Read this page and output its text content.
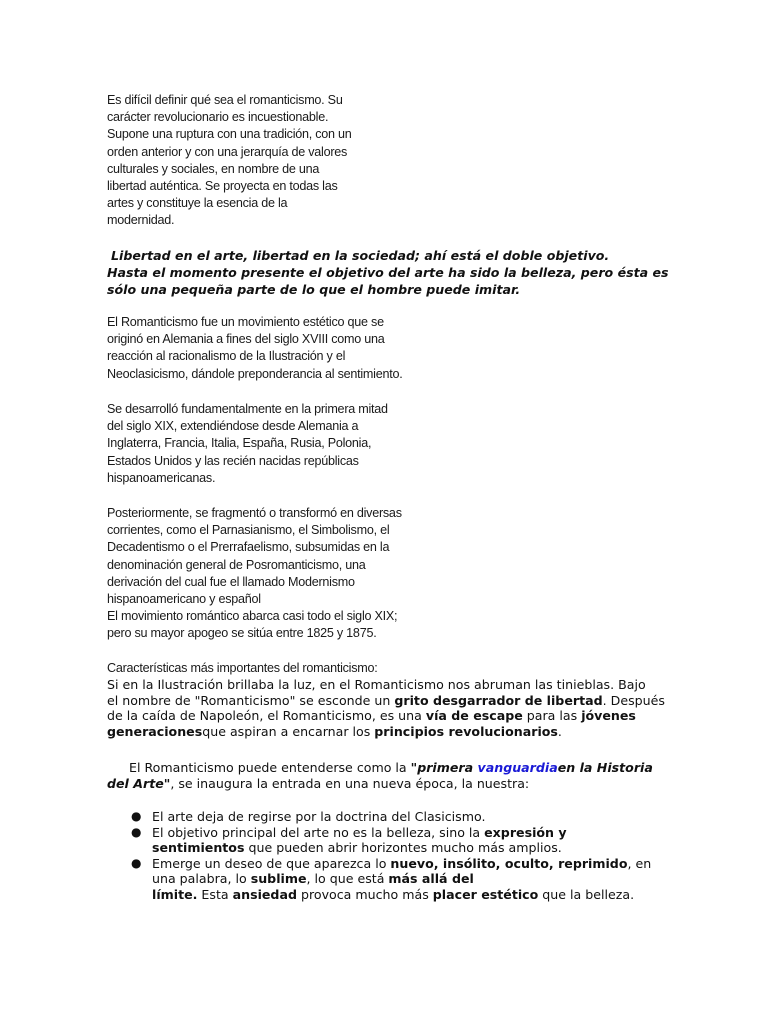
Es difícil definir qué sea el romanticismo. Su

carácter revolucionario es incuestionable.

Supone una ruptura con una tradición, con un

orden anterior y con una jerarquía de valores

culturales y sociales, en nombre de una

libertad auténtica. Se proyecta en todas las

artes y constituye la esencia de la

modernidad.

Libertad en el arte, libertad en la sociedad; ahí está el doble objetivo.

Hasta el momento presente el objetivo del arte ha sido la belleza, pero ésta es

sólo una pequeña parte de lo que el hombre puede imitar.

El Romanticismo fue un movimiento estético que se

originó en Alemania a fines del siglo XVIII como una

reacción al racionalismo de la Ilustración y el

Neoclasicismo, dándole preponderancia al sentimiento.

Se desarrolló fundamentalmente en la primera mitad

del siglo XIX, extendiéndose desde Alemania a

Inglaterra, Francia, Italia, España, Rusia, Polonia,

Estados Unidos y las recién nacidas repúblicas

hispanoamericanas.

Posteriormente, se fragmentó o transformó en diversas

corrientes, como el Parnasianismo, el Simbolismo, el

Decadentismo o el Prerrafaelismo, subsumidas en la

denominación general de Posromanticismo, una

derivación del cual fue el llamado Modernismo

hispanoamericano y español

El movimiento romántico abarca casi todo el siglo XIX;

pero su mayor apogeo se sitúa entre 1825 y 1875.

Características más importantes del romanticismo:

Si en la Ilustración brillaba la luz, en el Romanticismo nos abruman las tinieblas. Bajo

el nombre de "Romanticismo" se esconde un grito desgarrador de libertad. Después

de la caída de Napoleón, el Romanticismo, es una vía de escape para las jóvenes

generacionesque aspiran a encarnar los principios revolucionarios.

El Romanticismo puede entenderse como la "primera vanguardiaen la Historia

del Arte", se inaugura la entrada en una nueva época, la nuestra:

● El arte deja de regirse por la doctrina del Clasicismo.
● El objetivo principal del arte no es la belleza, sino la expresión y
sentimientos que pueden abrir horizontes mucho más amplios.
● Emerge un deseo de que aparezca lo nuevo, insólito, oculto, reprimido, en
una palabra, lo sublime, lo que está más allá del
límite. Esta ansiedad provoca mucho más placer estético que la belleza.
